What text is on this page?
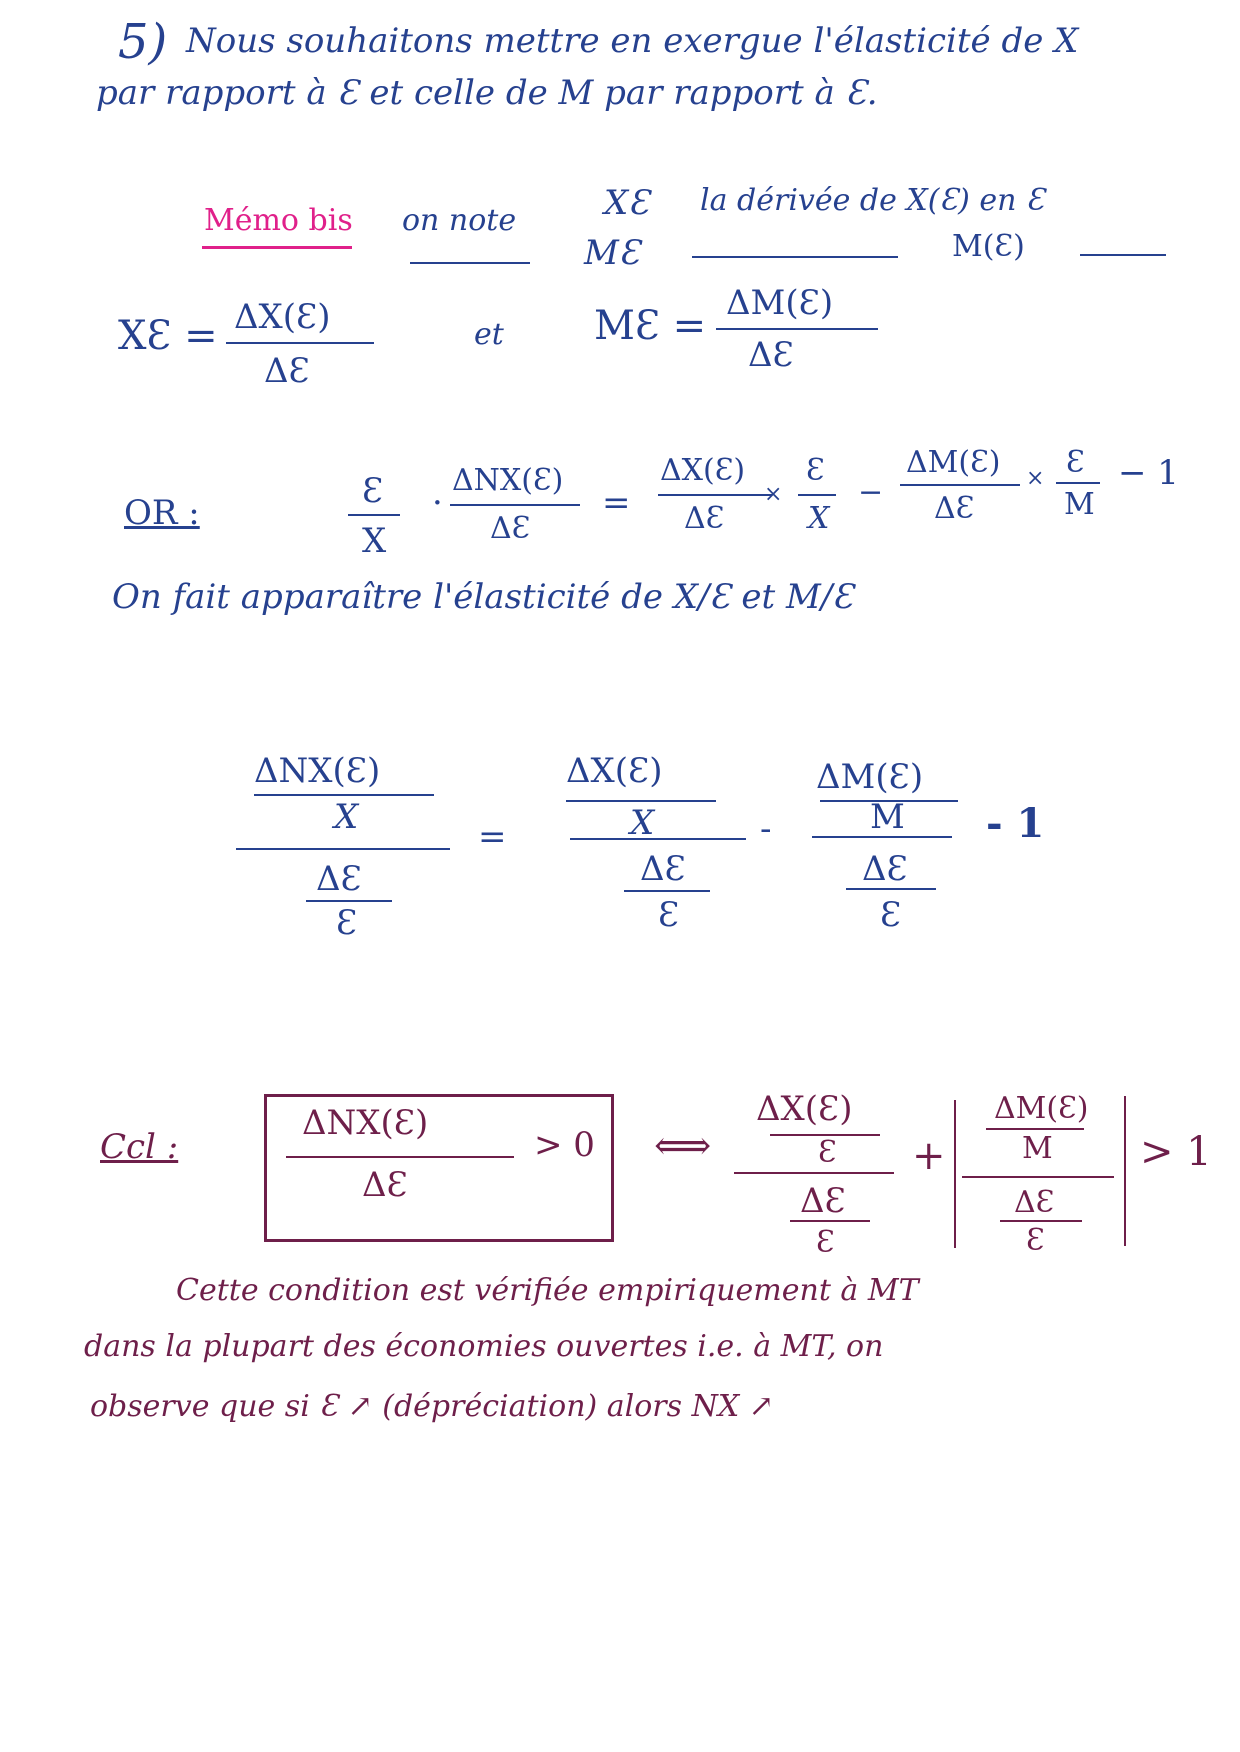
5) Nous souhaitons mettre en exergue l'élasticité de X
par rapport à Ɛ et celle de M par rapport à Ɛ.
Mémo bis on note	XƐ la dérivée de X(Ɛ) en Ɛ
MƐ	M(Ɛ)
XƐ = ΔX(Ɛ)
ΔƐ
et MƐ = ΔM(Ɛ)
ΔƐ
OR :
Ɛ
X
·
ΔNX(Ɛ)
ΔƐ
=
ΔX(Ɛ)
ΔƐ
×
Ɛ
X
−
ΔM(Ɛ)
ΔƐ
× Ɛ
M
− 1
On fait apparaître l'élasticité de X/Ɛ et M/Ɛ
ΔNX(Ɛ)
X
ΔƐ
Ɛ
=
ΔX(Ɛ)
X
ΔƐ
Ɛ
-
ΔM(Ɛ)
M
ΔƐ
Ɛ
- 1
Ccl :
ΔNX(Ɛ)
ΔƐ
> 0 ⟺
ΔX(Ɛ)
Ɛ
ΔƐ
Ɛ
+
ΔM(Ɛ)
M
ΔƐ
Ɛ
> 1
Cette condition est vérifiée empiriquement à MT
dans la plupart des économies ouvertes i.e. à MT, on
observe que si Ɛ ↗ (dépréciation) alors NX ↗
